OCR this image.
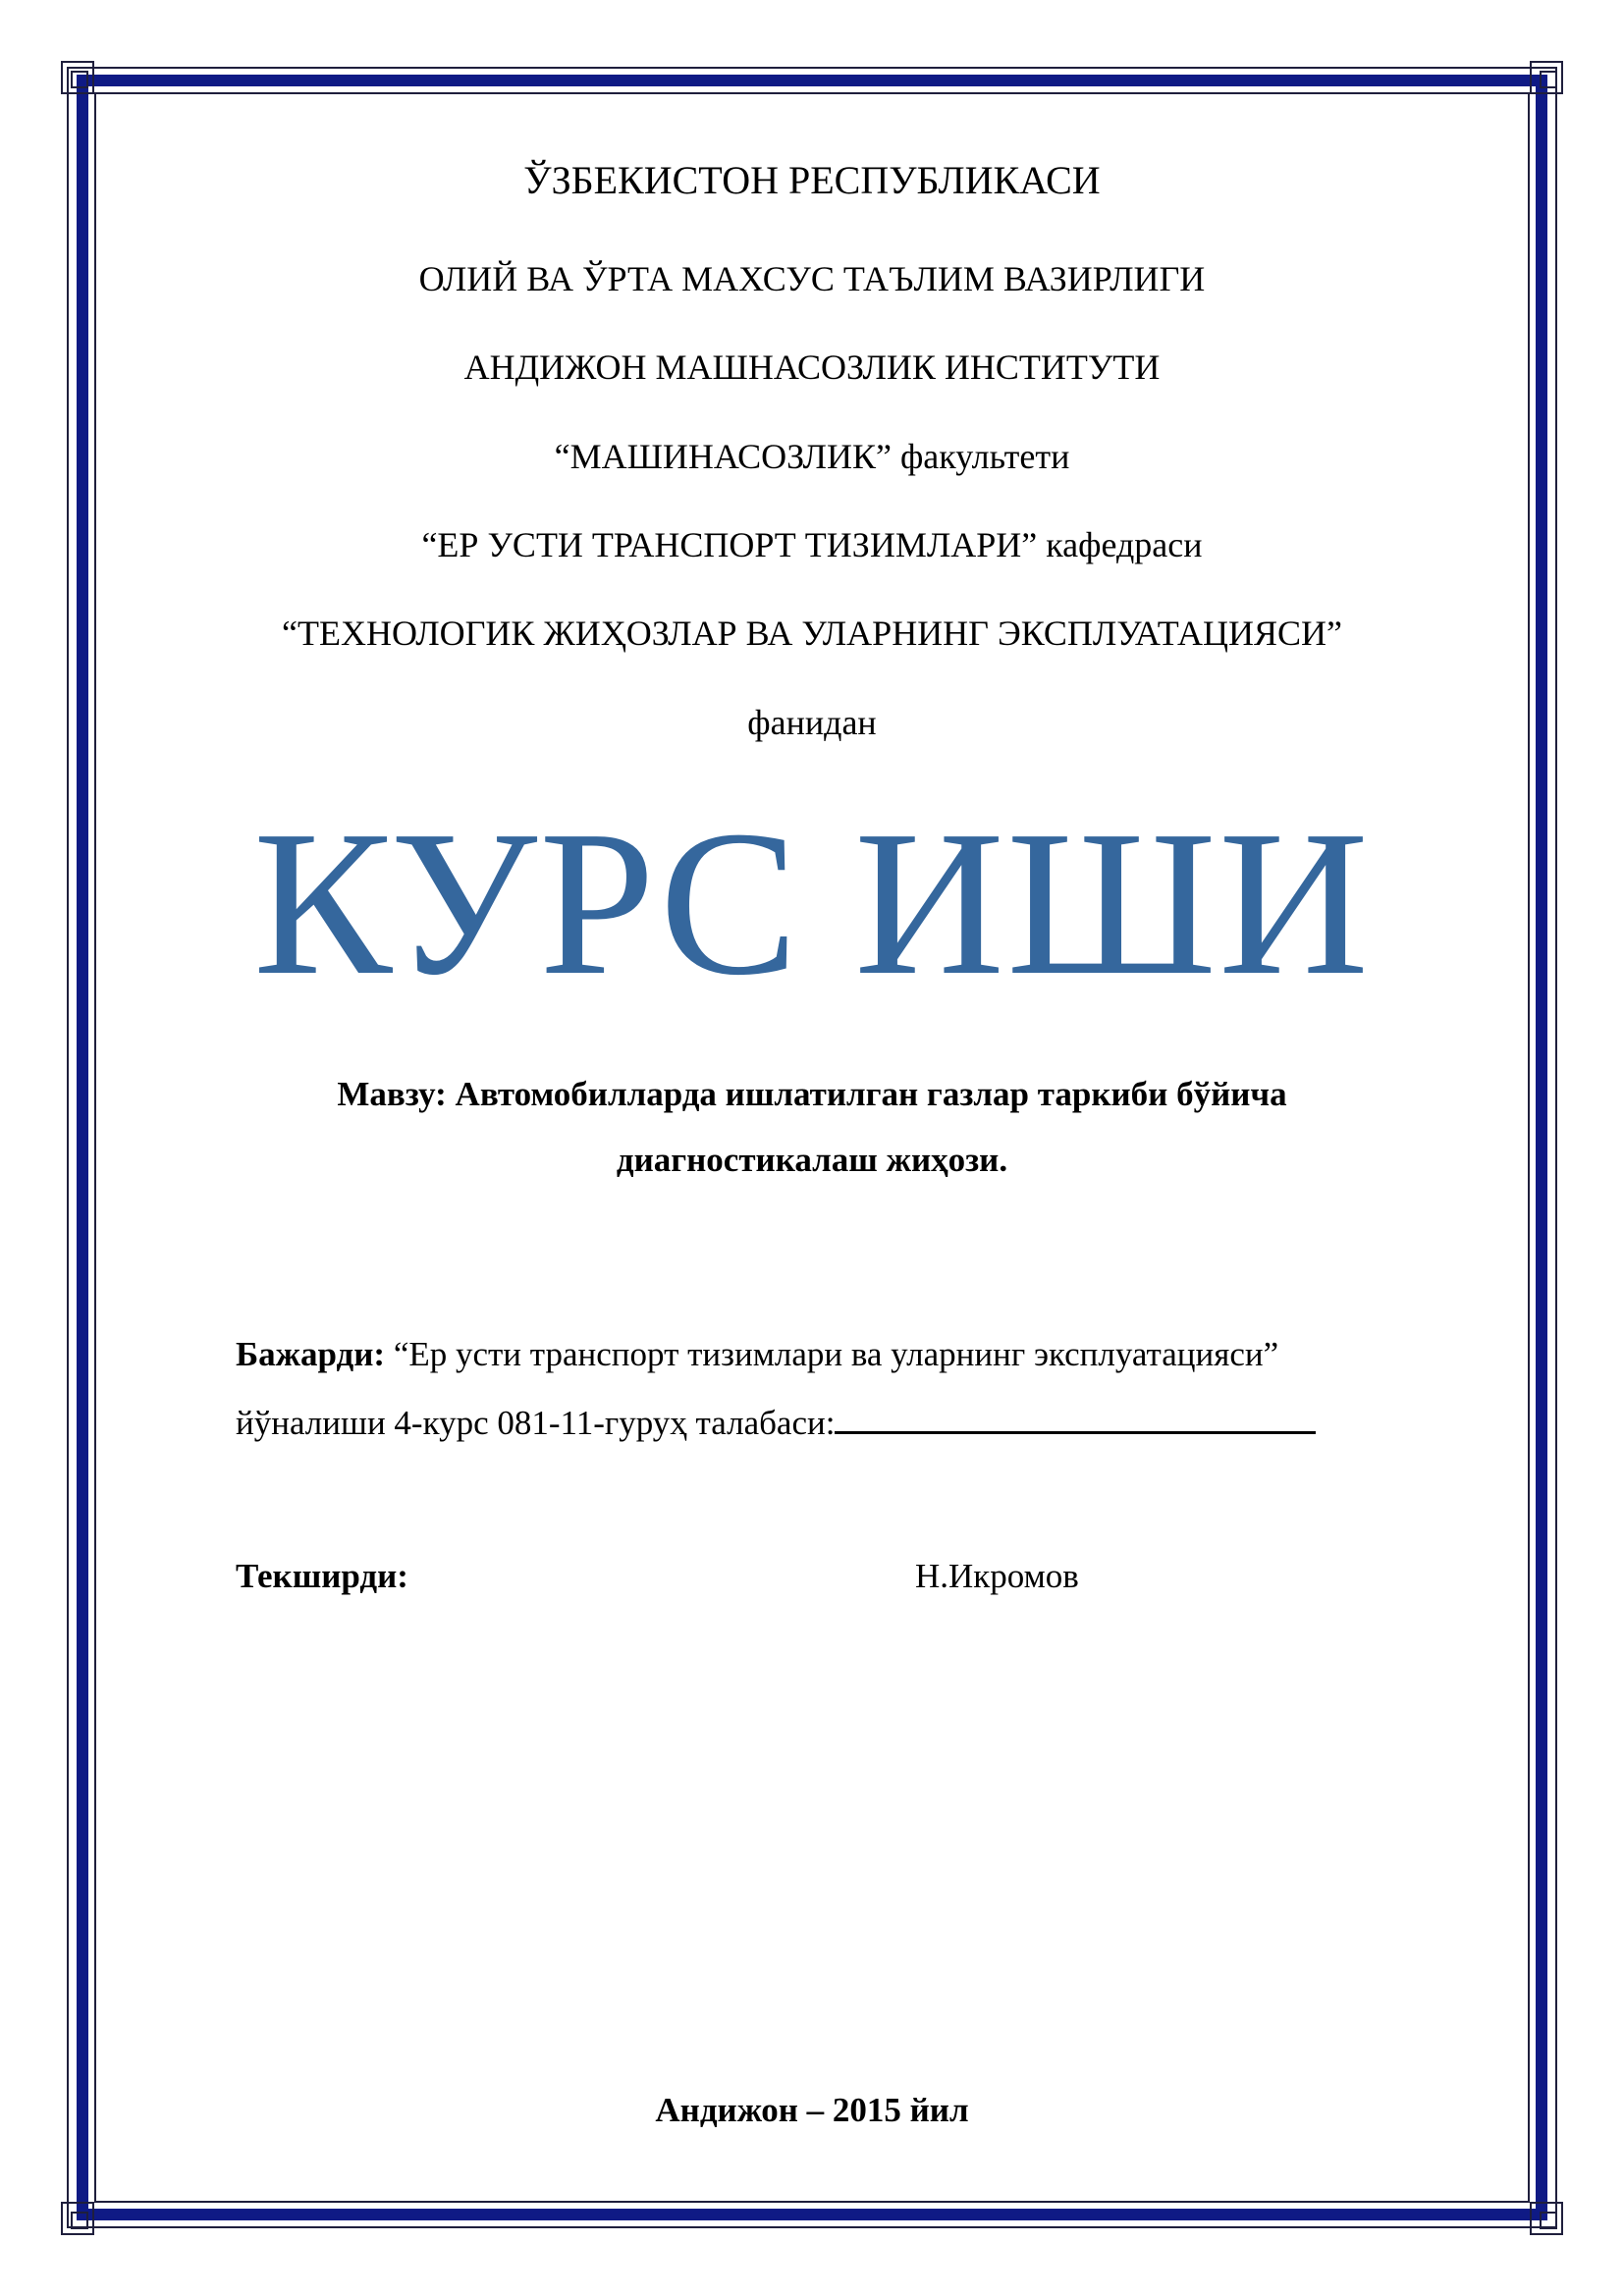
ЎЗБЕКИСТОН РЕСПУБЛИКАСИ
ОЛИЙ ВА ЎРТА МАХСУС ТАЪЛИМ ВАЗИРЛИГИ
АНДИЖОН МАШНАСОЗЛИК ИНСТИТУТИ
“МАШИНАСОЗЛИК” факультети
“ЕР УСТИ ТРАНСПОРТ ТИЗИМЛАРИ” кафедраси
“ТЕХНОЛОГИК ЖИҲОЗЛАР ВА УЛАРНИНГ ЭКСПЛУАТАЦИЯСИ”
фанидан
КУРС ИШИ
Мавзу: Автомобилларда ишлатилган газлар таркиби бўйича
диагностикалаш жиҳози.
Бажарди: “Ер усти транспорт тизимлари ва уларнинг эксплуатацияси”
йўналиши 4-курс 081-11-гуруҳ талабаси:
Текширди:	Н.Икромов
Андижон – 2015 йил
